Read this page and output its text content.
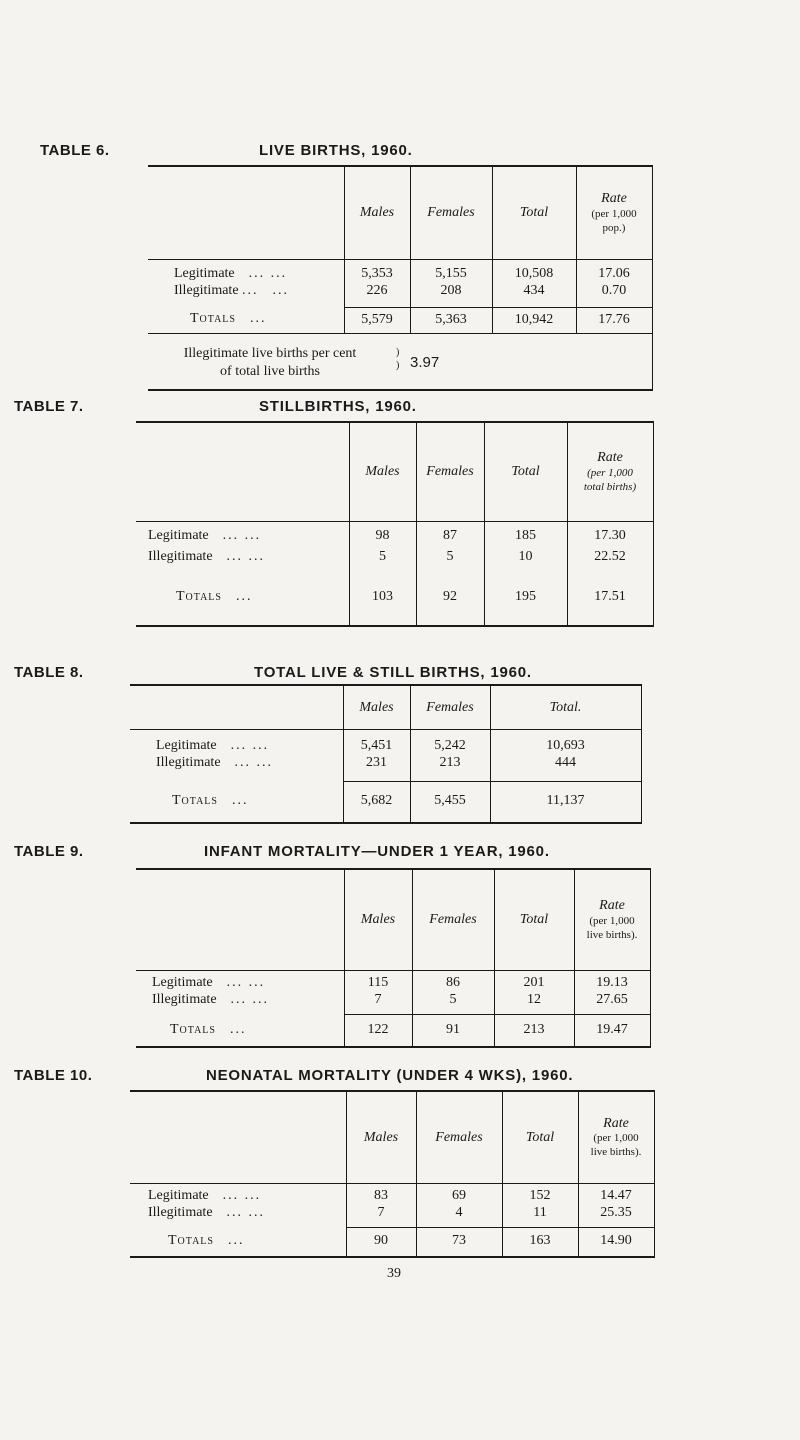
TABLE 6.	LIVE BIRTHS, 1960.
	Males	Females	Total	Rate
(per 1,000
pop.)

Legitimate ... ...	5,353	5,155	10,508	17.06
Illegitimate ... ...	226	208	434	0.70
Totals ...	5,579	5,363	10,942	17.76

Illegitimate live births per cent
of total live births
)
) 3.97
TABLE 7.	STILLBIRTHS, 1960.
	Males	Females	Total	Rate
(per 1,000
total births)

Legitimate ... ...	98	87	185	17.30
Illegitimate ... ...	5	5	10	22.52
Totals ...	103	92	195	17.51
TABLE 8.	TOTAL LIVE & STILL BIRTHS, 1960.
	Males	Females	Total.
Legitimate ... ...	5,451	5,242	10,693
Illegitimate ... ...	231	213	444
Totals ...	5,682	5,455	11,137
TABLE 9.	INFANT MORTALITY—UNDER 1 YEAR, 1960.
	Males	Females	Total	Rate
(per 1,000
live births).

Legitimate ... ...	115	86	201	19.13
Illegitimate ... ...	7	5	12	27.65
Totals ...	122	91	213	19.47
TABLE 10.	NEONATAL MORTALITY (UNDER 4 WKS), 1960.
	Males	Females	Total	Rate
(per 1,000
live births).

Legitimate ... ...	83	69	152	14.47
Illegitimate ... ...	7	4	11	25.35
Totals ...	90	73	163	14.90
39
